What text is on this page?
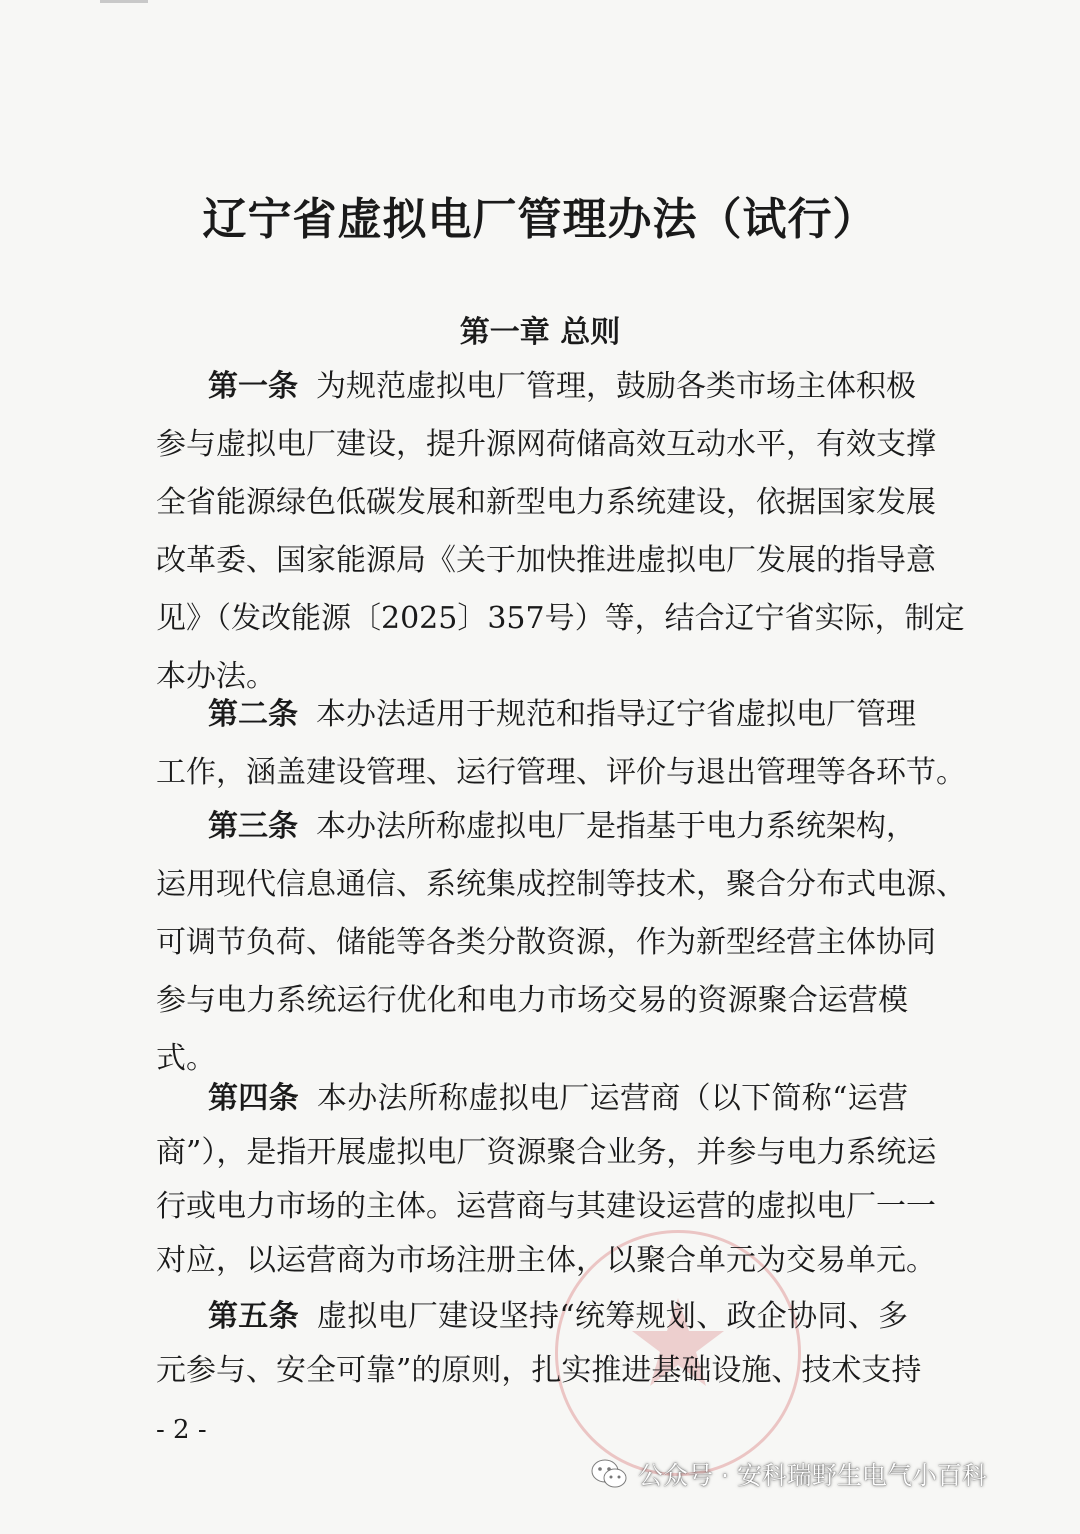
辽宁省虚拟电厂管理办法（试行）
第一章 总则
第一条 为规范虚拟电厂管理，鼓励各类市场主体积极
参与虚拟电厂建设，提升源网荷储高效互动水平，有效支撑
全省能源绿色低碳发展和新型电力系统建设，依据国家发展
改革委、国家能源局《关于加快推进虚拟电厂发展的指导意
见》（发改能源〔2025〕357号）等，结合辽宁省实际，制定
本办法。
第二条 本办法适用于规范和指导辽宁省虚拟电厂管理
工作，涵盖建设管理、运行管理、评价与退出管理等各环节。
第三条 本办法所称虚拟电厂是指基于电力系统架构，
运用现代信息通信、系统集成控制等技术，聚合分布式电源、
可调节负荷、储能等各类分散资源，作为新型经营主体协同
参与电力系统运行优化和电力市场交易的资源聚合运营模
式。
第四条 本办法所称虚拟电厂运营商（以下简称“运营
商”），是指开展虚拟电厂资源聚合业务，并参与电力系统运
行或电力市场的主体。运营商与其建设运营的虚拟电厂一一
对应，以运营商为市场注册主体，以聚合单元为交易单元。
第五条 虚拟电厂建设坚持“统筹规划、政企协同、多
元参与、安全可靠”的原则，扎实推进基础设施、技术支持
- 2 -
公众号 · 安科瑞野生电气小百科
